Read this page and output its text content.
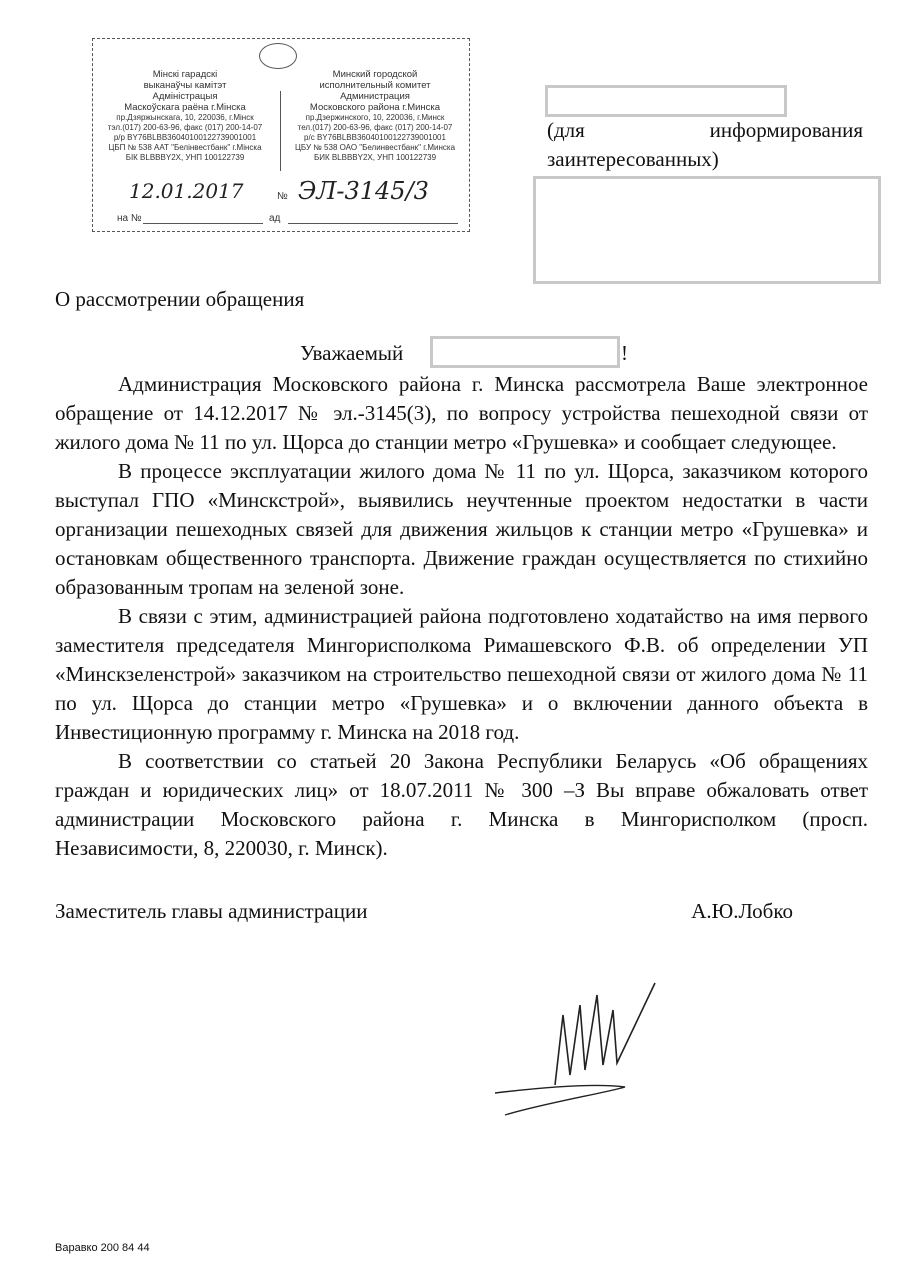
Мінскі гарадскі
выканаўчы камітэт
Адміністрацыя
Маскоўскага раёна г.Мінска
пр.Дзяржынскага, 10, 220036, г.Мінск
тэл.(017) 200-63-96, факс (017) 200-14-07
р/р BY76BLBB36040100122739001001
ЦБП № 538 ААТ "Белінвестбанк" г.Мінска
БІК BLBBBY2X, УНП 100122739
Минский городской
исполнительный комитет
Администрация
Московского района г.Минска
пр.Дзержинского, 10, 220036, г.Минск
тел.(017) 200-63-96, факс (017) 200-14-07
р/с BY76BLBB36040100122739001001
ЦБУ № 538 ОАО "Белинвестбанк" г.Минска
БИК BLBBBY2X, УНП 100122739
12.01.2017	№ ЭЛ-3145/3
на №	ад
(для	информирования
заинтересованных)
О рассмотрении обращения
Уважаемый	!

Администрация Московского района г. Минска рассмотрела Ваше электронное обращение от 14.12.2017 № эл.-3145(3), по вопросу устройства пешеходной связи от жилого дома № 11 по ул. Щорса до станции метро «Грушевка» и сообщает следующее.

В процессе эксплуатации жилого дома № 11 по ул. Щорса, заказчиком которого выступал ГПО «Минскстрой», выявились неучтенные проектом недостатки в части организации пешеходных связей для движения жильцов к станции метро «Грушевка» и остановкам общественного транспорта. Движение граждан осуществляется по стихийно образованным тропам на зеленой зоне.

В связи с этим, администрацией района подготовлено ходатайство на имя первого заместителя председателя Мингорисполкома Римашевского Ф.В. об определении УП «Минскзеленстрой» заказчиком на строительство пешеходной связи от жилого дома № 11 по ул. Щорса до станции метро «Грушевка» и о включении данного объекта в Инвестиционную программу г. Минска на 2018 год.

В соответствии со статьей 20 Закона Республики Беларусь «Об обращениях граждан и юридических лиц» от 18.07.2011 № 300 –З Вы вправе обжаловать ответ администрации Московского района г. Минска в Мингорисполком (просп. Независимости, 8, 220030, г. Минск).

Заместитель главы администрации	А.Ю.Лобко
Варавко 200 84 44
